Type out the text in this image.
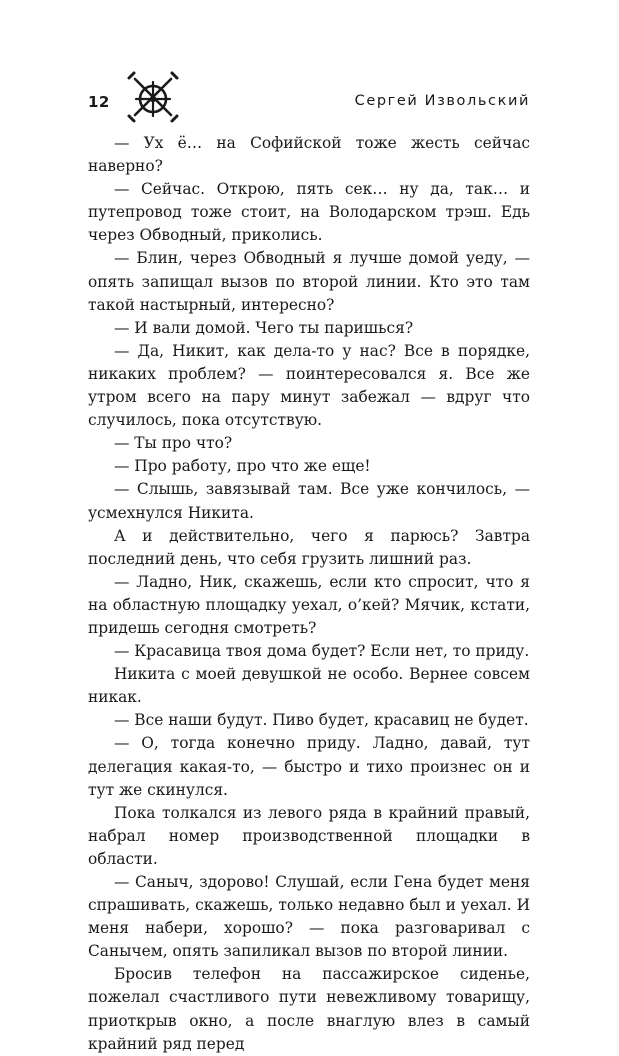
12	Сергей Извольский

— Ух ё… на Софийской тоже жесть сейчас наверно?

— Сейчас. Открою, пять сек… ну да, так… и путепровод тоже стоит, на Володарском трэш. Едь через Обводный, приколись.

— Блин, через Обводный я лучше домой уеду, — опять запищал вызов по второй линии. Кто это там такой настырный, интересно?

— И вали домой. Чего ты паришься?

— Да, Никит, как дела-то у нас? Все в порядке, никаких проблем? — поинтересовался я. Все же утром всего на пару минут забежал — вдруг что случилось, пока отсутствую.

— Ты про что?

— Про работу, про что же еще!

— Слышь, завязывай там. Все уже кончилось, — усмехнулся Никита.

А и действительно, чего я парюсь? Завтра последний день, что себя грузить лишний раз.

— Ладно, Ник, скажешь, если кто спросит, что я на областную площадку уехал, о’кей? Мячик, кстати, придешь сегодня смотреть?

— Красавица твоя дома будет? Если нет, то приду.

Никита с моей девушкой не особо. Вернее совсем никак.

— Все наши будут. Пиво будет, красавиц не будет.

— О, тогда конечно приду. Ладно, давай, тут делегация какая-то, — быстро и тихо произнес он и тут же скинулся.

Пока толкался из левого ряда в крайний правый, набрал номер производственной площадки в области.

— Саныч, здорово! Слушай, если Гена будет меня спрашивать, скажешь, только недавно был и уехал. И меня набери, хорошо? — пока разговаривал с Санычем, опять запиликал вызов по второй линии.

Бросив телефон на пассажирское сиденье, пожелал счастливого пути невежливому товарищу, приоткрыв окно, а после внаглую влез в самый крайний ряд перед
